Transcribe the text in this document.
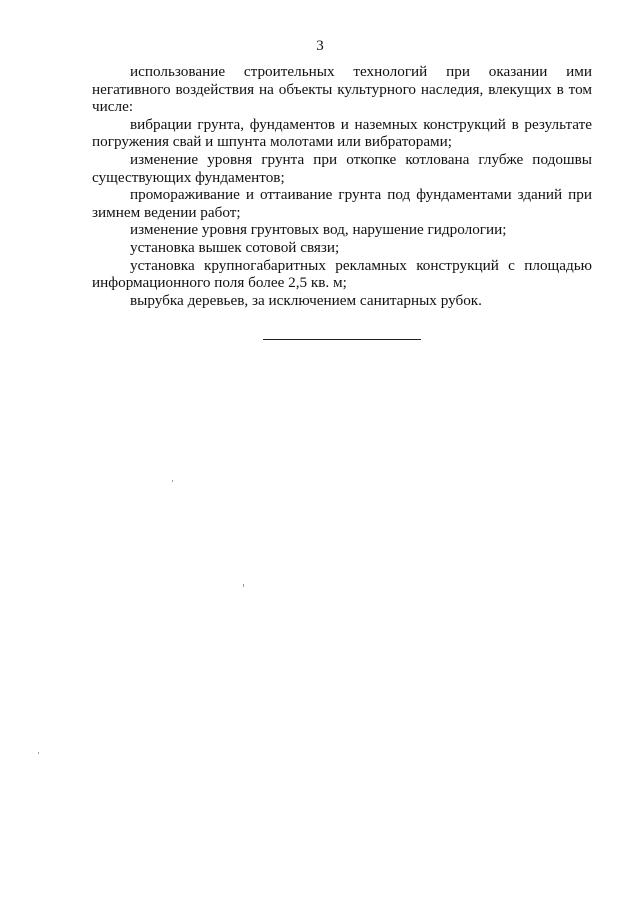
3

использование строительных технологий при оказании ими негативного воздействия на объекты культурного наследия, влекущих в том числе:

вибрации грунта, фундаментов и наземных конструкций в результате погружения свай и шпунта молотами или вибраторами;

изменение уровня грунта при откопке котлована глубже подошвы существующих фундаментов;

промораживание и оттаивание грунта под фундаментами зданий при зимнем ведении работ;

изменение уровня грунтовых вод, нарушение гидрологии;

установка вышек сотовой связи;

установка крупногабаритных рекламных конструкций с площадью информационного поля более 2,5 кв. м;

вырубка деревьев, за исключением санитарных рубок.
